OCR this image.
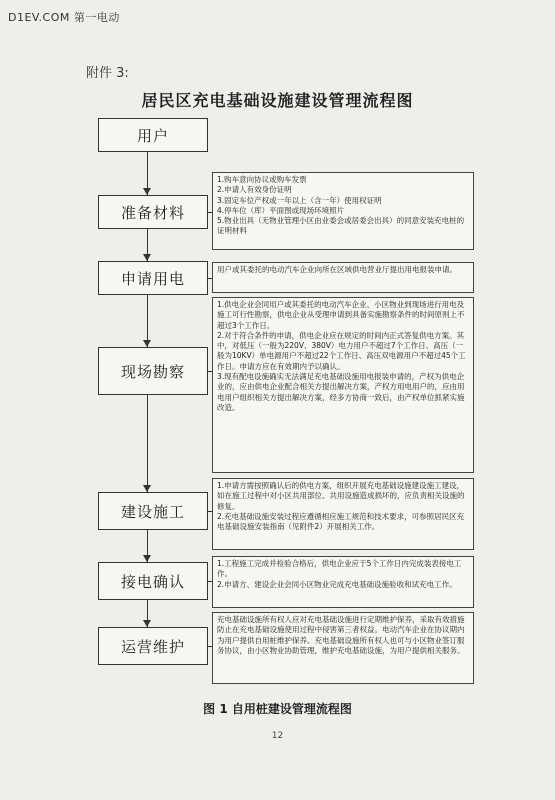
D1EV.COM 第一电动
附件 3:
居民区充电基础设施建设管理流程图
用户
准备材料
申请用电
现场勘察
建设施工
接电确认
运营维护

1.购车意向协议或购车发票

2.申请人有效身份证明

3.固定车位产权或一年以上（含一年）使用权证明

4.停车位（库）平面图或现场环境照片

5.物业出具（无物业管理小区由业委会或居委会出具）的同意安装充电桩的证明材料

用户或其委托的电动汽车企业向所在区域供电营业厅提出用电报装申请。

1.供电企业会同用户或其委托的电动汽车企业、小区物业到现场进行用电及施工可行性勘察，供电企业从受理申请到具备实施勘察条件的时间原则上不超过3个工作日。

2.对于符合条件的申请，供电企业应在规定的时间内正式答复供电方案。其中，对低压（一般为220V、380V）电力用户不超过7个工作日、高压（一般为10KV）单电源用户不超过22个工作日、高压双电源用户不超过45个工作日。申请方应在有效期内予以确认。

3.现有配电设施确实无法满足充电基础设施用电报装申请的，产权为供电企业的，应由供电企业配合相关方提出解决方案，产权方用电用户的，应由用电用户组织相关方提出解决方案，经多方协商一致后，由产权单位抓紧实施改造。

1.申请方需按照确认后的供电方案，组织开展充电基础设施建设施工建设，如在施工过程中对小区共用部位、共用设施造成损坏的，应负责相关设施的修复。

2.充电基础设施安装过程应遵循相应施工规范和技术要求，可参照居民区充电基础设施安装指南（见附件2）开展相关工作。

1.工程施工完成并检验合格后，供电企业应于5个工作日内完成装表接电工作。

2.申请方、建设企业会同小区物业完成充电基础设施验收和试充电工作。

充电基础设施所有权人应对充电基础设施进行定期维护保养，采取有效措施防止在充电基础设施使用过程中侵害第三者权益。电动汽车企业在协议期内为用户提供自用桩维护保养。充电基础设施所有权人也可与小区物业签订服务协议，由小区物业协助管理，维护充电基础设施，为用户提供相关服务。

图 1 自用桩建设管理流程图
12
